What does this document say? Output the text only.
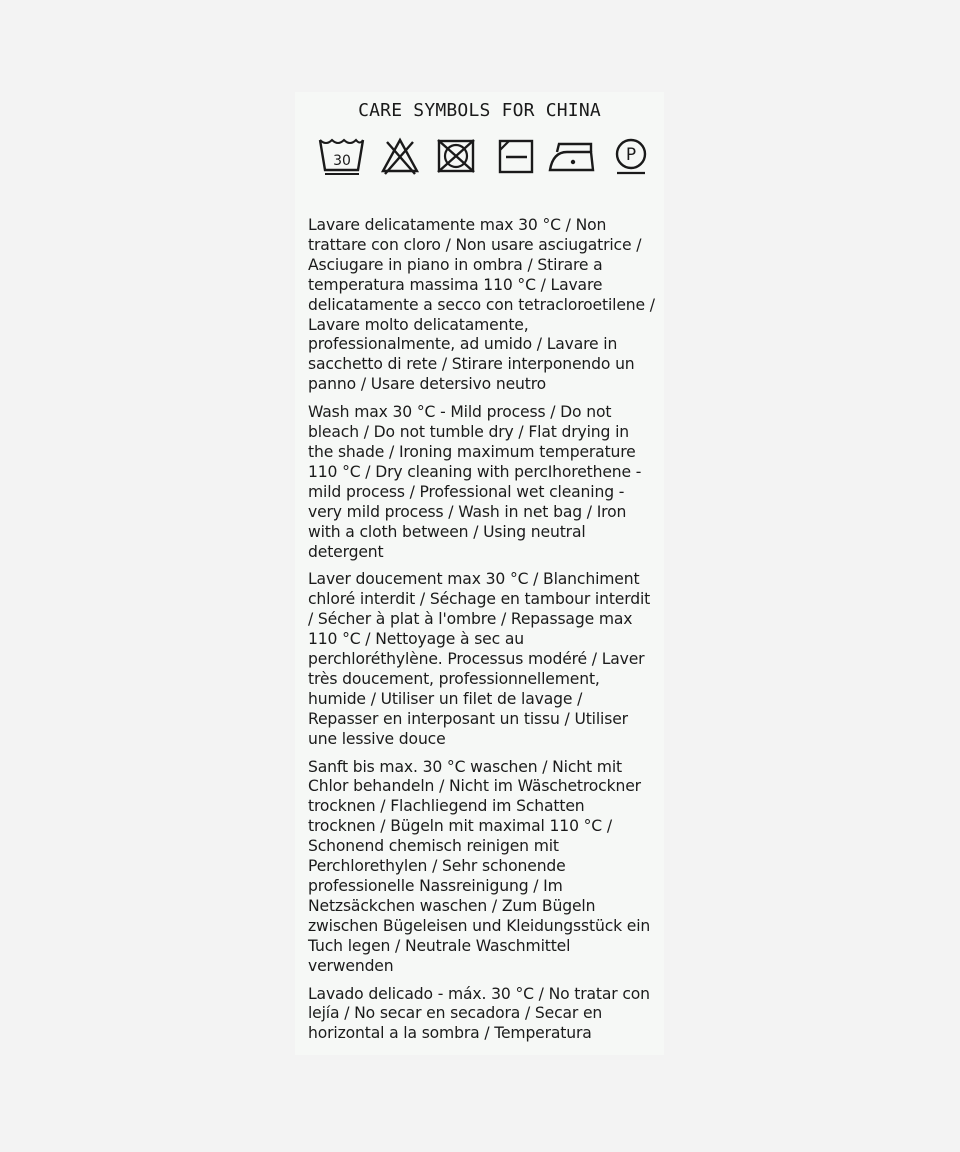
CARE SYMBOLS FOR CHINA
30	P

Lavare delicatamente max 30 °C / Non
trattare con cloro / Non usare asciugatrice /
Asciugare in piano in ombra / Stirare a
temperatura massima 110 °C / Lavare
delicatamente a secco con tetracloroetilene /
Lavare molto delicatamente,
professionalmente, ad umido / Lavare in
sacchetto di rete / Stirare interponendo un
panno / Usare detersivo neutro

Wash max 30 °C - Mild process / Do not
bleach / Do not tumble dry / Flat drying in
the shade / Ironing maximum temperature
110 °C / Dry cleaning with percIhorethene -
mild process / Professional wet cleaning -
very mild process / Wash in net bag / Iron
with a cloth between / Using neutral
detergent

Laver doucement max 30 °C / Blanchiment
chloré interdit / Séchage en tambour interdit
/ Sécher à plat à l'ombre / Repassage max
110 °C / Nettoyage à sec au
perchloréthylène. Processus modéré / Laver
très doucement, professionnellement,
humide / Utiliser un filet de lavage /
Repasser en interposant un tissu / Utiliser
une lessive douce

Sanft bis max. 30 °C waschen / Nicht mit
Chlor behandeln / Nicht im Wäschetrockner
trocknen / Flachliegend im Schatten
trocknen / Bügeln mit maximal 110 °C /
Schonend chemisch reinigen mit
Perchlorethylen / Sehr schonende
professionelle Nassreinigung / Im
Netzsäckchen waschen / Zum Bügeln
zwischen Bügeleisen und Kleidungsstück ein
Tuch legen / Neutrale Waschmittel
verwenden

Lavado delicado - máx. 30 °C / No tratar con
lejía / No secar en secadora / Secar en
horizontal a la sombra / Temperatura
